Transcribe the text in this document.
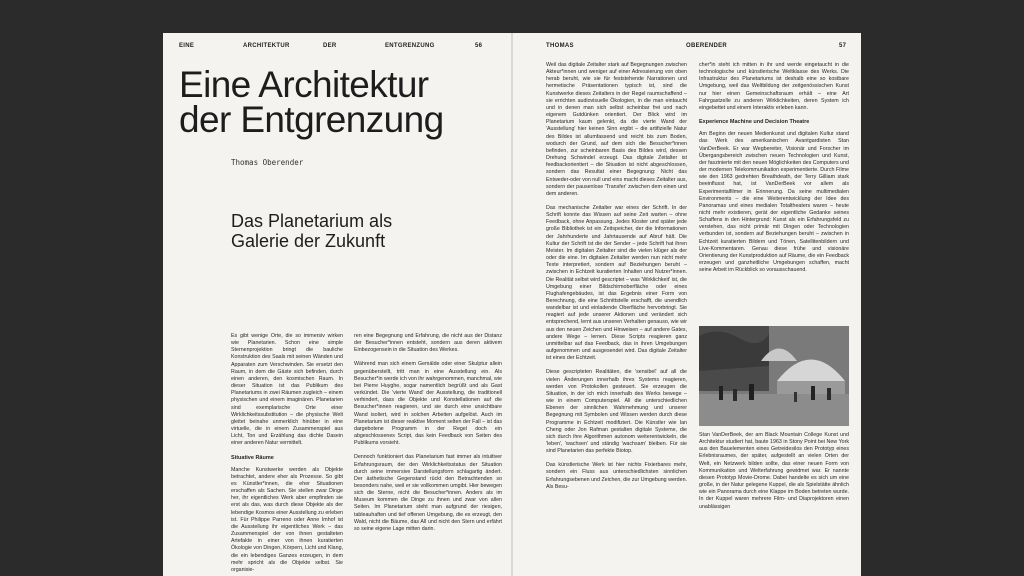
EINE	ARCHITEKTUR	DER	ENTGRENZUNG	56
Eine Architektur
der Entgrenzung
Thomas Oberender
Das Planetarium als
Galerie der Zukunft

Es gibt wenige Orte, die so immersiv wirken wie Planetarien. Schon eine simple Sternenprojektion bringt die bauliche Konstruktion des Saals mit seinen Wänden und Apparaten zum Verschwinden. Sie ersetzt den Raum, in dem die Gäste sich befinden, durch einen anderen, den kosmischen Raum. In dieser Situation ist das Publikum des Planetariums in zwei Räumen zugleich – einem physischen und einem imaginären. Planetarien sind exemplarische Orte einer Wirklichkeitssubstitution – die physische Welt gleitet beinahe unmerklich hinüber in eine virtuelle, die in einem Zusammenspiel aus Licht, Ton und Erzählung das dichte Dasein einer anderen Natur vermittelt.

Situative Räume

Manche Kunstwerke werden als Objekte betrachtet, andere eher als Prozesse. So gibt es Künstler*innen, die eher Situationen erschaffen als Sachen. Sie stellen zwar Dinge her, ihr eigentliches Werk aber empfinden sie erst als das, was durch diese Objekte als der lebendige Kosmos einer Ausstellung zu erleben ist. Für Philippe Parreno oder Anne Imhof ist die Ausstellung ihr eigentliches Werk – das Zusammenspiel der von ihnen gestalteten Artefakte in einer von ihnen kuratierten Ökologie von Dingen, Körpern, Licht und Klang, die ein lebendiges Ganzes erzeugen, in dem mehr spricht als die Objekte selbst. Sie organisie-

ren eine Begegnung und Erfahrung, die nicht aus der Distanz der Besucher*innen entsteht, sondern aus deren aktivem Einbezogensein in die Situation des Werkes.

Während man sich einem Gemälde oder einer Skulptur allein gegenüberstellt, tritt man in eine Ausstellung ein. Als Besucher*in werde ich von ihr wahrgenommen, manchmal, wie bei Pierre Huyghe, sogar namentlich begrüßt und als Gast verkündet. Die 'vierte Wand' der Ausstellung, die traditionell verhindert, dass die Objekte und Konstellationen auf die Besucher*innen reagieren, und sie durch eine unsichtbare Wand isoliert, wird in solchen Arbeiten aufgelöst. Auch im Planetarium ist dieser reaktive Moment selten der Fall – ist das dargebotene Programm in der Regel doch ein abgeschlossenes Script, das kein Feedback von Seiten des Publikums vorsieht.

Dennoch funktioniert das Planetarium fast immer als intuitiver Erfahrungsraum, der den Wirklichkeitsstatus der Situation durch seine immersive Darstellungsform schlagartig ändert. Der ästhetische Gegenstand rückt den Betrachtenden so besonders nahe, weil er sie vollkommen umgibt. Hier bewegen sich die Sterne, nicht die Besucher*innen. Anders als im Museum kommen die Dinge zu ihnen und zwar von allen Seiten. Im Planetarium steht man aufgrund der riesigen, tableauhaften und tief offenen Umgebung, die es erzeugt, den Wald, nicht die Bäume, das All und nicht den Stern und erfährt so seine eigene Lage mitten darin.

THOMAS	OBERENDER	57

Weil das digitale Zeitalter stark auf Begegnungen zwischen Akteur*innen und weniger auf einer Adressierung von oben herab beruht, wie sie für feststehende Narrationen und hermetische Präsentationen typisch ist, sind die Kunstwerke dieses Zeitalters in der Regel raumschaffend – sie errichten audiovisuelle Ökologien, in die man eintaucht und in denen man sich selbst scheinbar frei und nach eigenem Gutdünken orientiert. Der Blick wird im Planetarium kaum gelenkt, da die vierte Wand der 'Ausstellung' hier keinen Sinn ergibt – die artifizielle Natur des Bildes ist allumfassend und reicht bis zum Boden, wodurch der Grund, auf dem sich die Besucher*innen befinden, zur scheinbaren Basis des Bildes wird, dessen Drehung Schwindel erzeugt. Das digitale Zeitalter ist feedbackorientiert – die Situation ist nicht abgeschlossen, sondern das Resultat einer Begegnung: Nicht das Entweder-oder von null und eins macht dieses Zeitalter aus, sondern der pausenlose 'Transfer' zwischen dem einen und dem anderen.

Das mechanische Zeitalter war eines der Schrift. In der Schrift konnte das Wissen auf seine Zeit warten – ohne Feedback, ohne Anpassung. Jedes Kloster und später jede große Bibliothek ist ein Zeitspeicher, der die Informationen der Jahrhunderte und Jahrtausende auf Abruf hält. Die Kultur der Schrift ist die der Sender – jede Schrift hat ihren Meister. Im digitalen Zeitalter sind die vielen klüger als der oder die eine. Im digitalen Zeitalter werden nun nicht mehr Texte interpretiert, sondern auf Beziehungen beruht – zwischen in Echtzeit kuratierten Inhalten und Nutzer*innen. Die Realität selbst wird gescriptet – was 'Wirklichkeit' ist, die Umgebung einer Bildschirmoberfläche oder eines Flughafengebäudes, ist das Ergebnis einer Form von Berechnung, die eine Schnittstelle erschafft, die unendlich wandelbar ist und einladende Oberfläche hervorbringt. Sie reagiert auf jede unserer Aktionen und verändert sich entsprechend, lernt aus unseren Verhalten genauso, wie wir aus den neuen Zeichen und Hinweisen – auf andere Gates, andere Wege – lernen. Diese Scripts reagieren ganz unmittelbar auf das Feedback, das in ihren Umgebungen aufgenommen und ausgesendet wird. Das digitale Zeitalter ist eines der Echtzeit.

Diese gescripteten Realitäten, die 'sensibel' auf all die vielen Änderungen innerhalb ihres Systems reagieren, werden von Protokollen gesteuert. Sie erzeugen die Situation, in der ich mich innerhalb des Werks bewege – wie in einem Computerspiel. All die unterschiedlichen Ebenen der sinnlichen Wahrnehmung und unserer Begegnung mit Symbolen und Wissen werden durch diese Programme in Echtzeit modifiziert. Die Künstler wie Ian Cheng oder Jon Rafman gestalten digitale Systeme, die sich durch ihre Algorithmen autonom weiterentwickeln, die 'leben', 'wachsen' und ständig 'wachsam' bleiben. Für sie sind Planetarien das perfekte Biotop.

Das künstlerische Werk ist hier nichts Fixierbares mehr, sondern ein Fluss aus unterschiedlichsten sinnlichen Erfahrungsebenen und Zeichen, die zur Umgebung werden. Als Besu-

cher*in steht ich mitten in ihr und werde eingetaucht in die technologische und künstlerische Weltklasse des Werks. Die Infrastruktur des Planetariums ist deshalb eine so kostbare Umgebung, weil das Weltbildung der zeitgenössischen Kunst nur hier einen Gemeinschaftsraum erhält – eine Art Fahrgastzelle zu anderen Wirklichkeiten, deren System ich eingebettet und einem Interaktiv erleben kann.

Experience Machine und Decision Theatre

Am Beginn der neuen Medienkunst und digitalen Kultur stand das Werk des amerikanischen Avantgardisten Stan VanDerBeek. Er war Wegbereiter, Visionär und Forscher im Übergangsbereich zwischen neuen Technologien und Kunst, der faszinierte mit den neuen Möglichkeiten des Computers und der modernen Telekommunikation experimentierte. Durch Filme wie den 1963 gedrehten Breathdeath, der Terry Gilliam stark beeinflusst hat, ist VanDerBeek vor allem als Experimentalfilmer in Erinnerung. Da seine multimedialen Environments – die eine Weiterentwicklung der Idee des Panoramas und eines medialen Totaltheaters waren – heute nicht mehr existieren, gerät der eigentliche Gedanke seines Schaffens in den Hintergrund: Kunst als ein Erfahrungsfeld zu verstehen, das nicht primär mit Dingen oder Technologien verbunden ist, sondern auf Beziehungen beruht – zwischen in Echtzeit kuratierten Bildern und Tönen, Satellitenbildern und Live-Kommentaren. Genau diese frühe und visionäre Orientierung der Kunstproduktion auf Räume, die ein Feedback erzeugen und ganzheitliche Umgebungen schaffen, macht seine Arbeit im Rückblick so vorausschauend.

Stan VanDerBeek, der am Black Mountain College Kunst und Architektur studiert hat, baute 1963 in Stony Point bei New York aus den Bauelementen eines Getreidesilos den Prototyp eines Erlebnisraumes, der später, aufgestellt an vielen Orten der Welt, ein Netzwerk bilden sollte, das einer neuen Form von Kommunikation und Welterfahrung gewidmet war. Er nannte diesen Prototyp Movie-Drome. Dabei handelte es sich um eine große, in der Natur gelegene Kuppel, die als Spielstätte ähnlich wie ein Panorama durch eine Klappe im Boden betreten wurde. In der Kuppel waren mehrere Film- und Diaprojektoren einen unablässigen
